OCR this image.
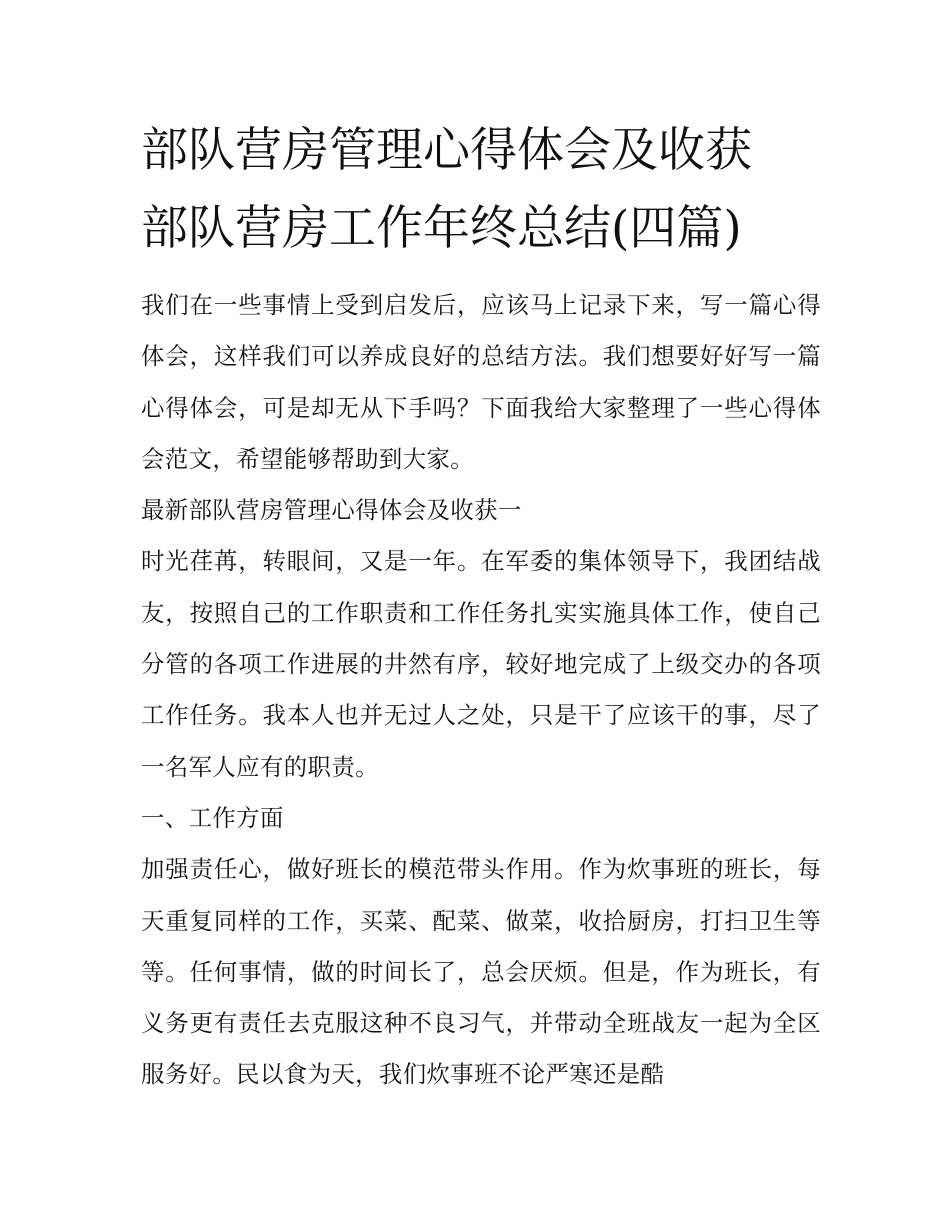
部队营房管理心得体会及收获
部队营房工作年终总结(四篇)

我们在一些事情上受到启发后，应该马上记录下来，写一篇心得体会，这样我们可以养成良好的总结方法。我们想要好好写一篇心得体会，可是却无从下手吗？下面我给大家整理了一些心得体会范文，希望能够帮助到大家。

最新部队营房管理心得体会及收获一

时光荏苒，转眼间，又是一年。在军委的集体领导下，我团结战友，按照自己的工作职责和工作任务扎实实施具体工作，使自己分管的各项工作进展的井然有序，较好地完成了上级交办的各项工作任务。我本人也并无过人之处，只是干了应该干的事，尽了一名军人应有的职责。

一、工作方面

加强责任心，做好班长的模范带头作用。作为炊事班的班长，每天重复同样的工作，买菜、配菜、做菜，收拾厨房，打扫卫生等等。任何事情，做的时间长了，总会厌烦。但是，作为班长，有义务更有责任去克服这种不良习气，并带动全班战友一起为全区服务好。民以食为天，我们炊事班不论严寒还是酷
